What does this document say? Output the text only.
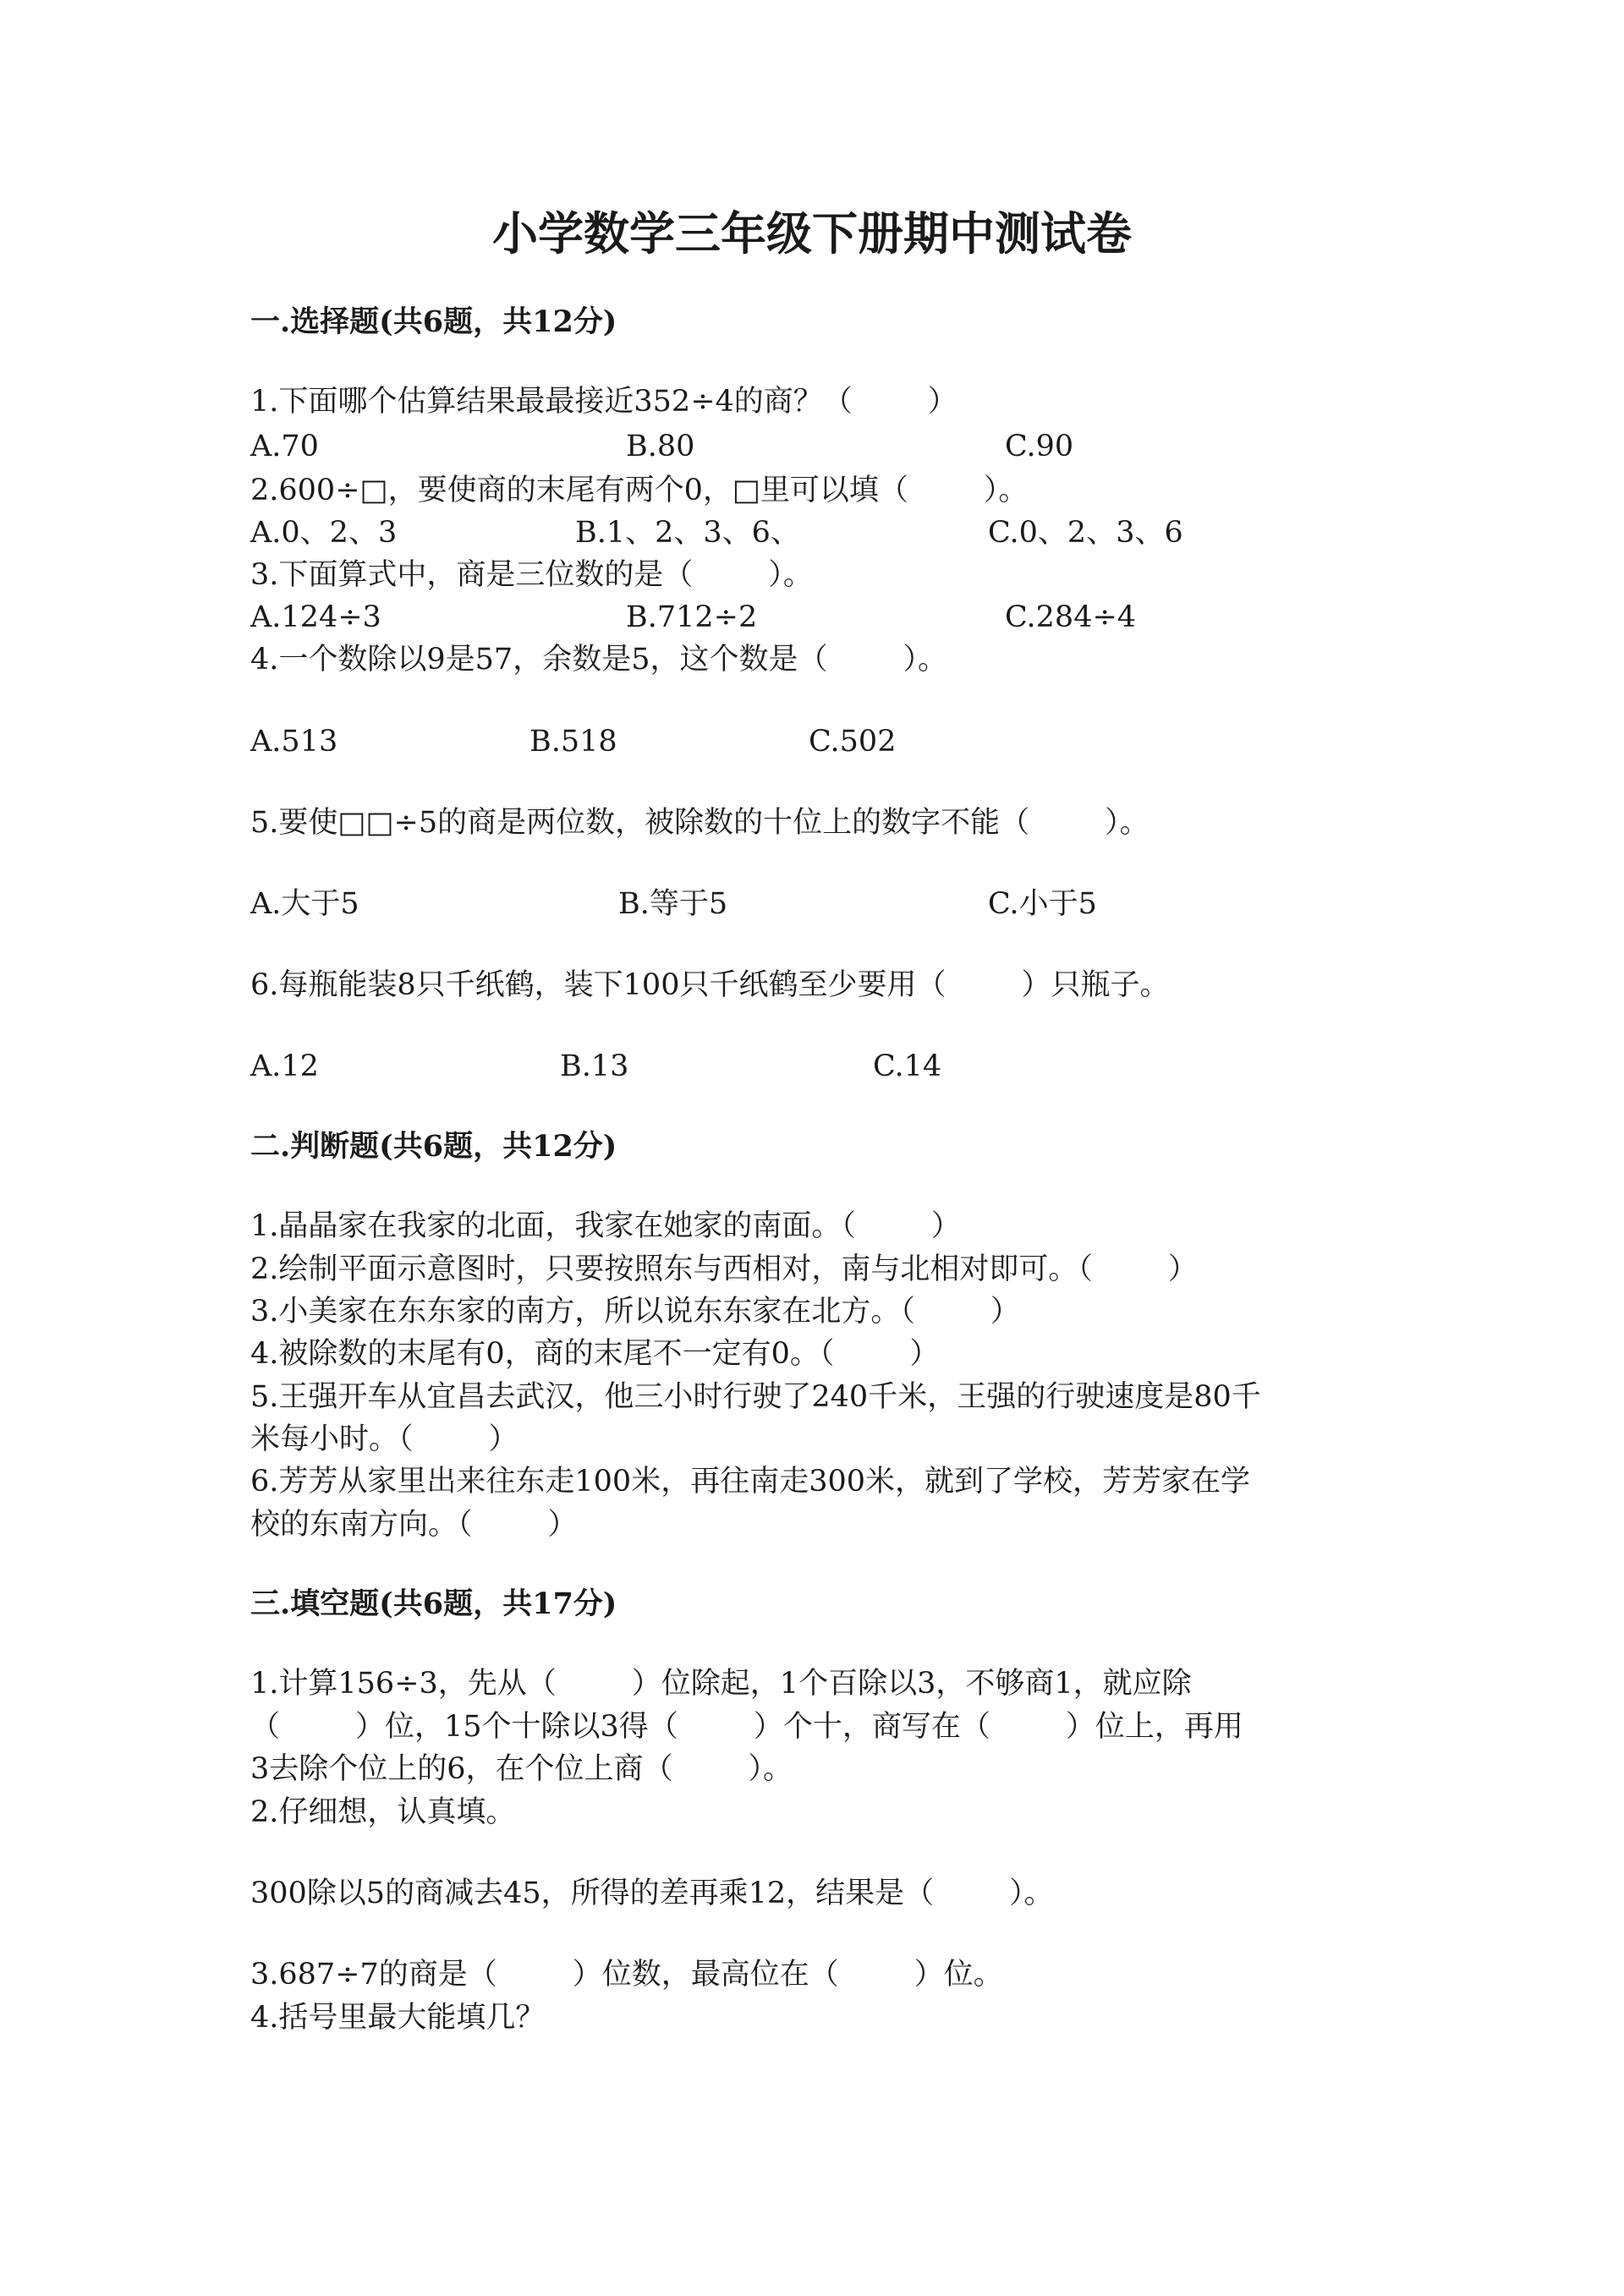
小学数学三年级下册期中测试卷
一.选择题(共6题，共12分)
1.下面哪个估算结果最最接近352÷4的商？（        ）
A.70	B.80	C.90
2.600÷□，要使商的末尾有两个0，□里可以填（        ）。
A.0、2、3	B.1、2、3、6、	C.0、2、3、6
3.下面算式中，商是三位数的是（        ）。
A.124÷3	B.712÷2	C.284÷4
4.一个数除以9是57，余数是5，这个数是（        ）。
A.513	B.518	C.502
5.要使□□÷5的商是两位数，被除数的十位上的数字不能（        ）。
A.大于5	B.等于5	C.小于5
6.每瓶能装8只千纸鹤，装下100只千纸鹤至少要用（        ）只瓶子。
A.12	B.13	C.14
二.判断题(共6题，共12分)
1.晶晶家在我家的北面，我家在她家的南面。（        ）
2.绘制平面示意图时，只要按照东与西相对，南与北相对即可。（        ）
3.小美家在东东家的南方，所以说东东家在北方。（        ）
4.被除数的末尾有0，商的末尾不一定有0。（        ）
5.王强开车从宜昌去武汉，他三小时行驶了240千米，王强的行驶速度是80千
米每小时。（        ）
6.芳芳从家里出来往东走100米，再往南走300米，就到了学校，芳芳家在学
校的东南方向。（        ）
三.填空题(共6题，共17分)
1.计算156÷3，先从（        ）位除起，1个百除以3，不够商1，就应除
（        ）位，15个十除以3得（        ）个十，商写在（        ）位上，再用
3去除个位上的6，在个位上商（        ）。
2.仔细想，认真填。
300除以5的商减去45，所得的差再乘12，结果是（        ）。
3.687÷7的商是（        ）位数，最高位在（        ）位。
4.括号里最大能填几？
